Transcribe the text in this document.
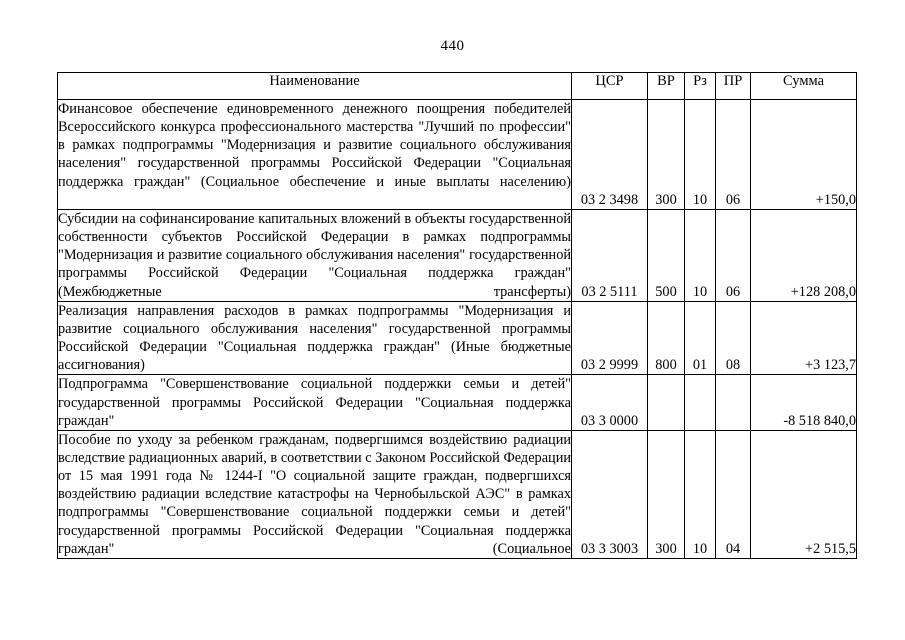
440
Наименование	ЦСР	ВР	Рз	ПР	Сумма
Финансовое обеспечение единовременного денежного поощрения победителей Всероссийского конкурса профессионального мастерства "Лучший по профессии" в рамках подпрограммы "Модернизация и развитие социального обслуживания населения" государственной программы Российской Федерации "Социальная поддержка граждан" (Социальное обеспечение и иные выплаты населению)	03 2 3498	300	10	06	+150,0

Субсидии на софинансирование капитальных вложений в объекты государственной собственности субъектов Российской Федерации в рамках подпрограммы "Модернизация и развитие социального обслуживания населения" государственной программы Российской Федерации "Социальная поддержка граждан" (Межбюджетные трансферты)	03 2 5111	500	10	06	+128 208,0

Реализация направления расходов в рамках подпрограммы "Модернизация и развитие социального обслуживания населения" государственной программы Российской Федерации "Социальная поддержка граждан" (Иные бюджетные ассигнования)	03 2 9999	800	01	08	+3 123,7

Подпрограмма "Совершенствование социальной поддержки семьи и детей" государственной программы Российской Федерации "Социальная поддержка граждан"	03 3 0000				-8 518 840,0

Пособие по уходу за ребенком гражданам, подвергшимся воздействию радиации вследствие радиационных аварий, в соответствии с Законом Российской Федерации от 15 мая 1991 года № 1244-I "О социальной защите граждан, подвергшихся воздействию радиации вследствие катастрофы на Чернобыльской АЭС" в рамках подпрограммы "Совершенствование социальной поддержки семьи и детей" государственной программы Российской Федерации "Социальная поддержка граждан" (Социальное	03 3 3003	300	10	04	+2 515,5
